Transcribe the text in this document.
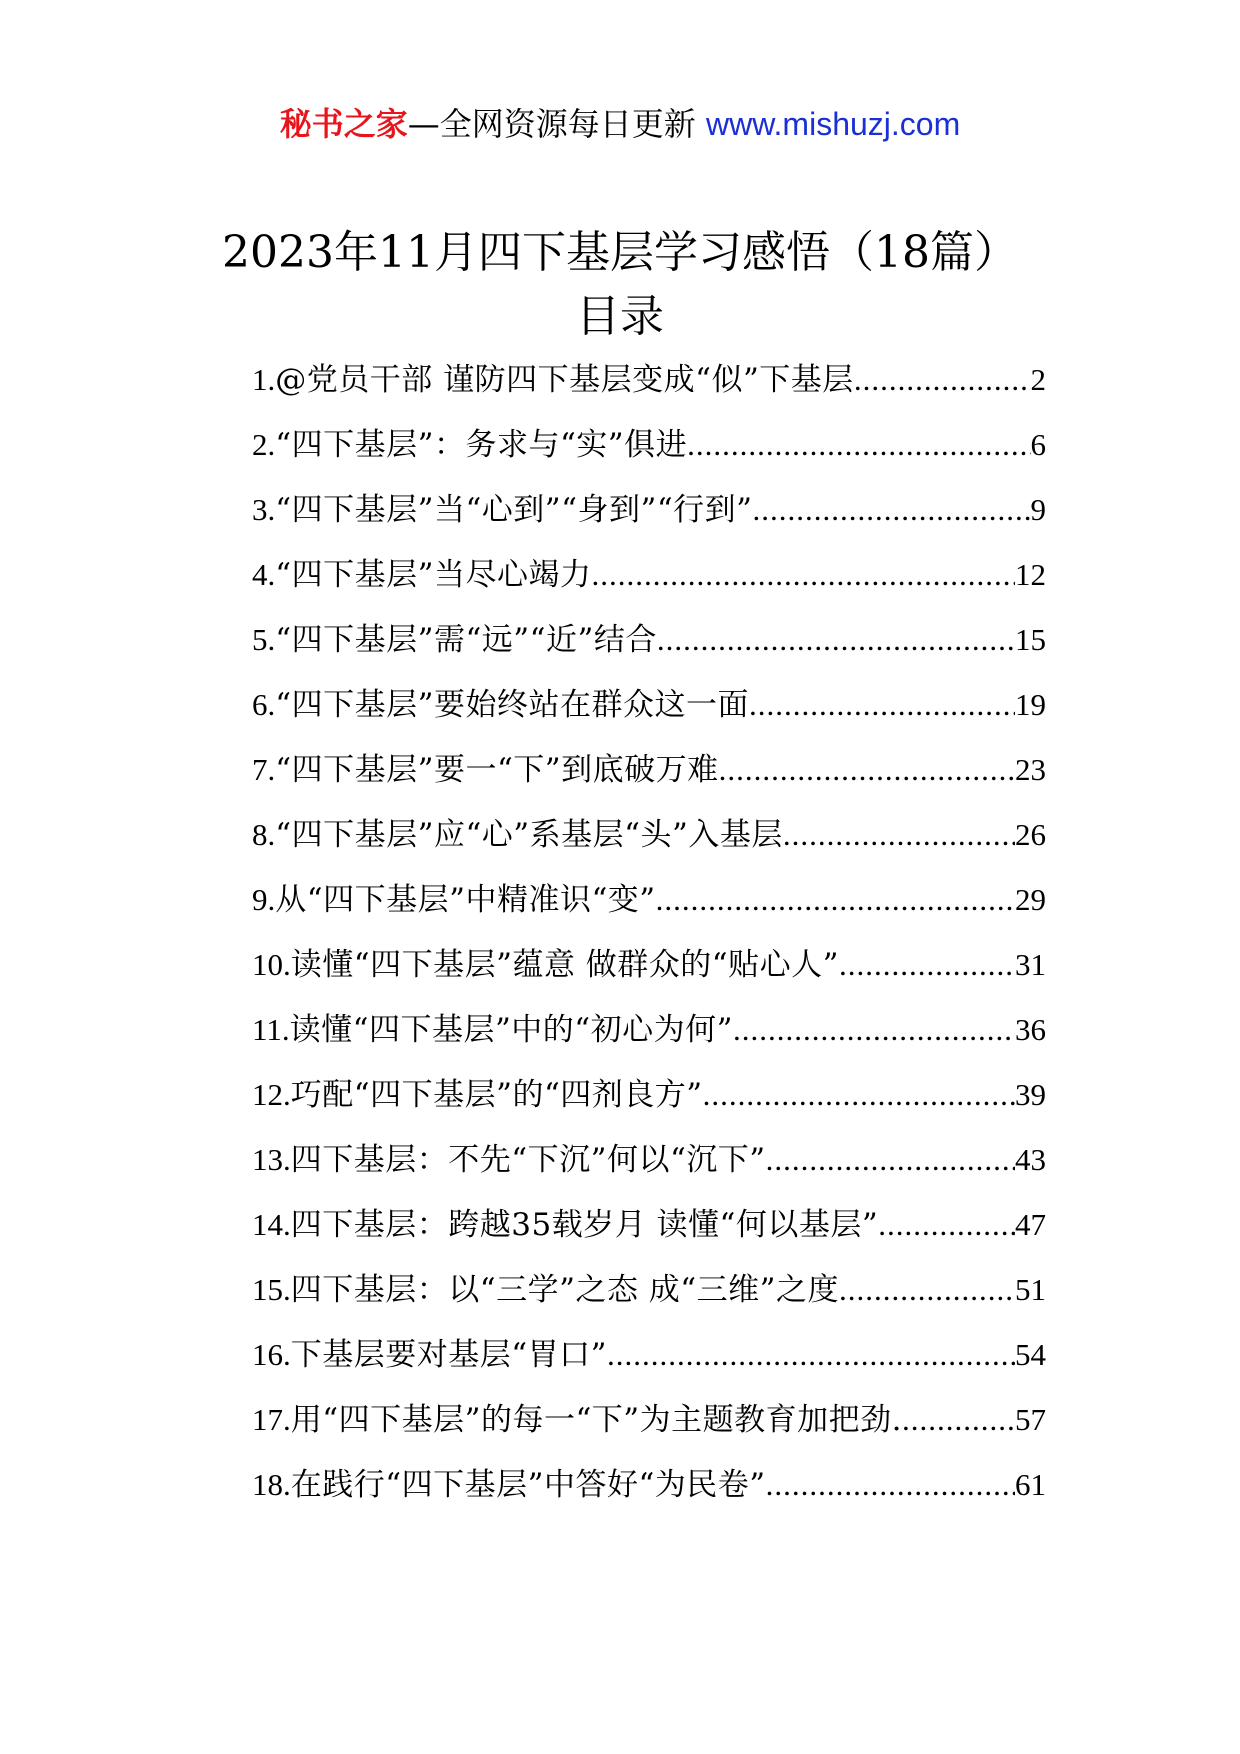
秘书之家—全网资源每日更新 www.mishuzj.com
2023年11月四下基层学习感悟（18篇）
目录
1. @党员干部 谨防四下基层变成“似”下基层 .....	2
2. “四下基层”：务求与“实”俱进 .....	6
3. “四下基层”当“心到”“身到”“行到” .....	9
4. “四下基层”当尽心竭力 .....	12
5. “四下基层”需“远”“近”结合 .....	15
6. “四下基层”要始终站在群众这一面 .....	19
7. “四下基层”要一“下”到底破万难 .....	23
8. “四下基层”应“心”系基层“头”入基层 .....	26
9. 从“四下基层”中精准识“变” .....	29
10. 读懂“四下基层”蕴意 做群众的“贴心人” .....	31
11. 读懂“四下基层”中的“初心为何” .....	36
12. 巧配“四下基层”的“四剂良方” .....	39
13. 四下基层：不先“下沉”何以“沉下” .....	43
14. 四下基层：跨越35载岁月 读懂“何以基层” .....	47
15. 四下基层：以“三学”之态 成“三维”之度 .....	51
16. 下基层要对基层“胃口” .....	54
17. 用“四下基层”的每一“下”为主题教育加把劲. .....	57
18. 在践行“四下基层”中答好“为民卷” .....	61
